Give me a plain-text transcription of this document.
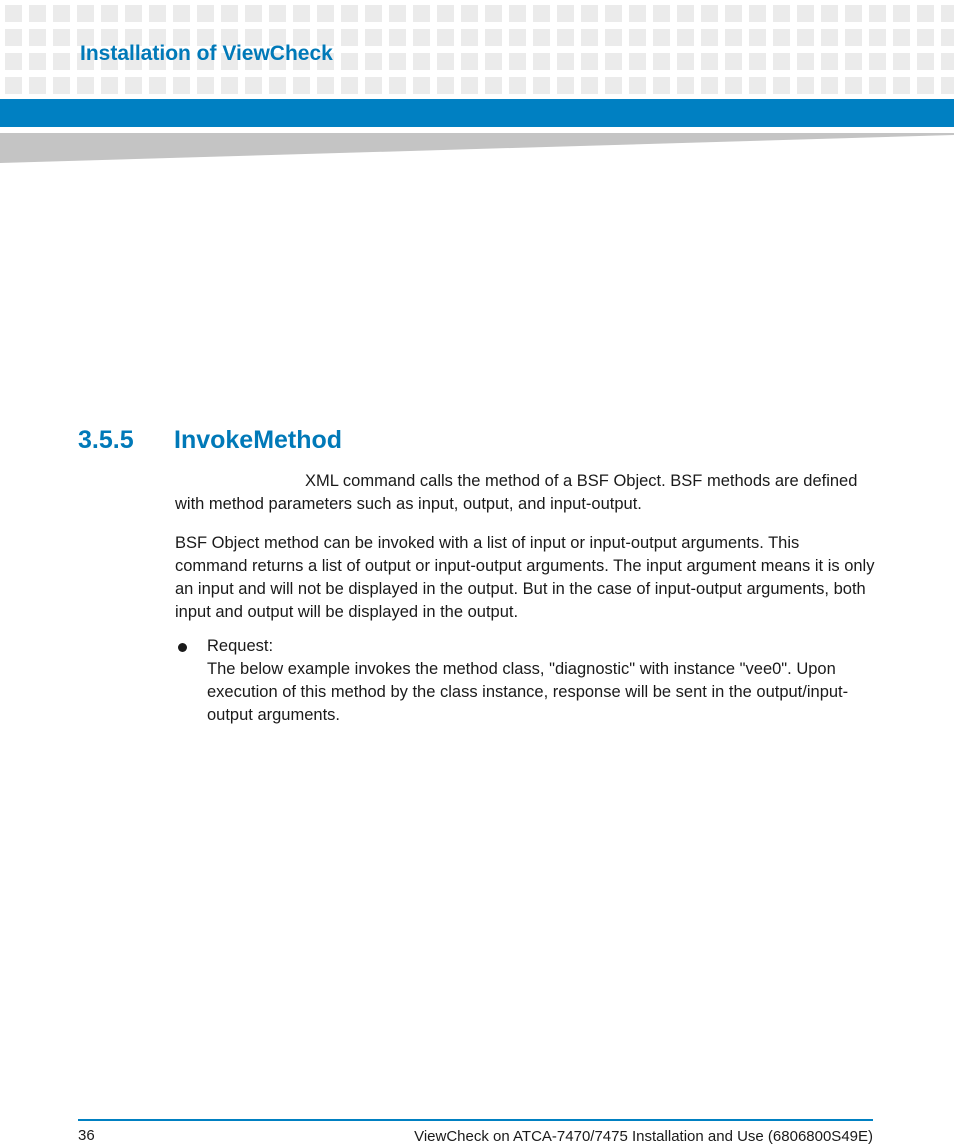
Installation of ViewCheck
3.5.5 InvokeMethod
XML command calls the method of a BSF Object. BSF methods are defined with method parameters such as input, output, and input-output.
BSF Object method can be invoked with a list of input or input-output arguments. This command returns a list of output or input-output arguments. The input argument means it is only an input and will not be displayed in the output. But in the case of input-output arguments, both input and output will be displayed in the output.
Request:
The below example invokes the method class, "diagnostic" with instance "vee0". Upon execution of this method by the class instance, response will be sent in the output/input-output arguments.
36	ViewCheck on ATCA-7470/7475 Installation and Use (6806800S49E)
